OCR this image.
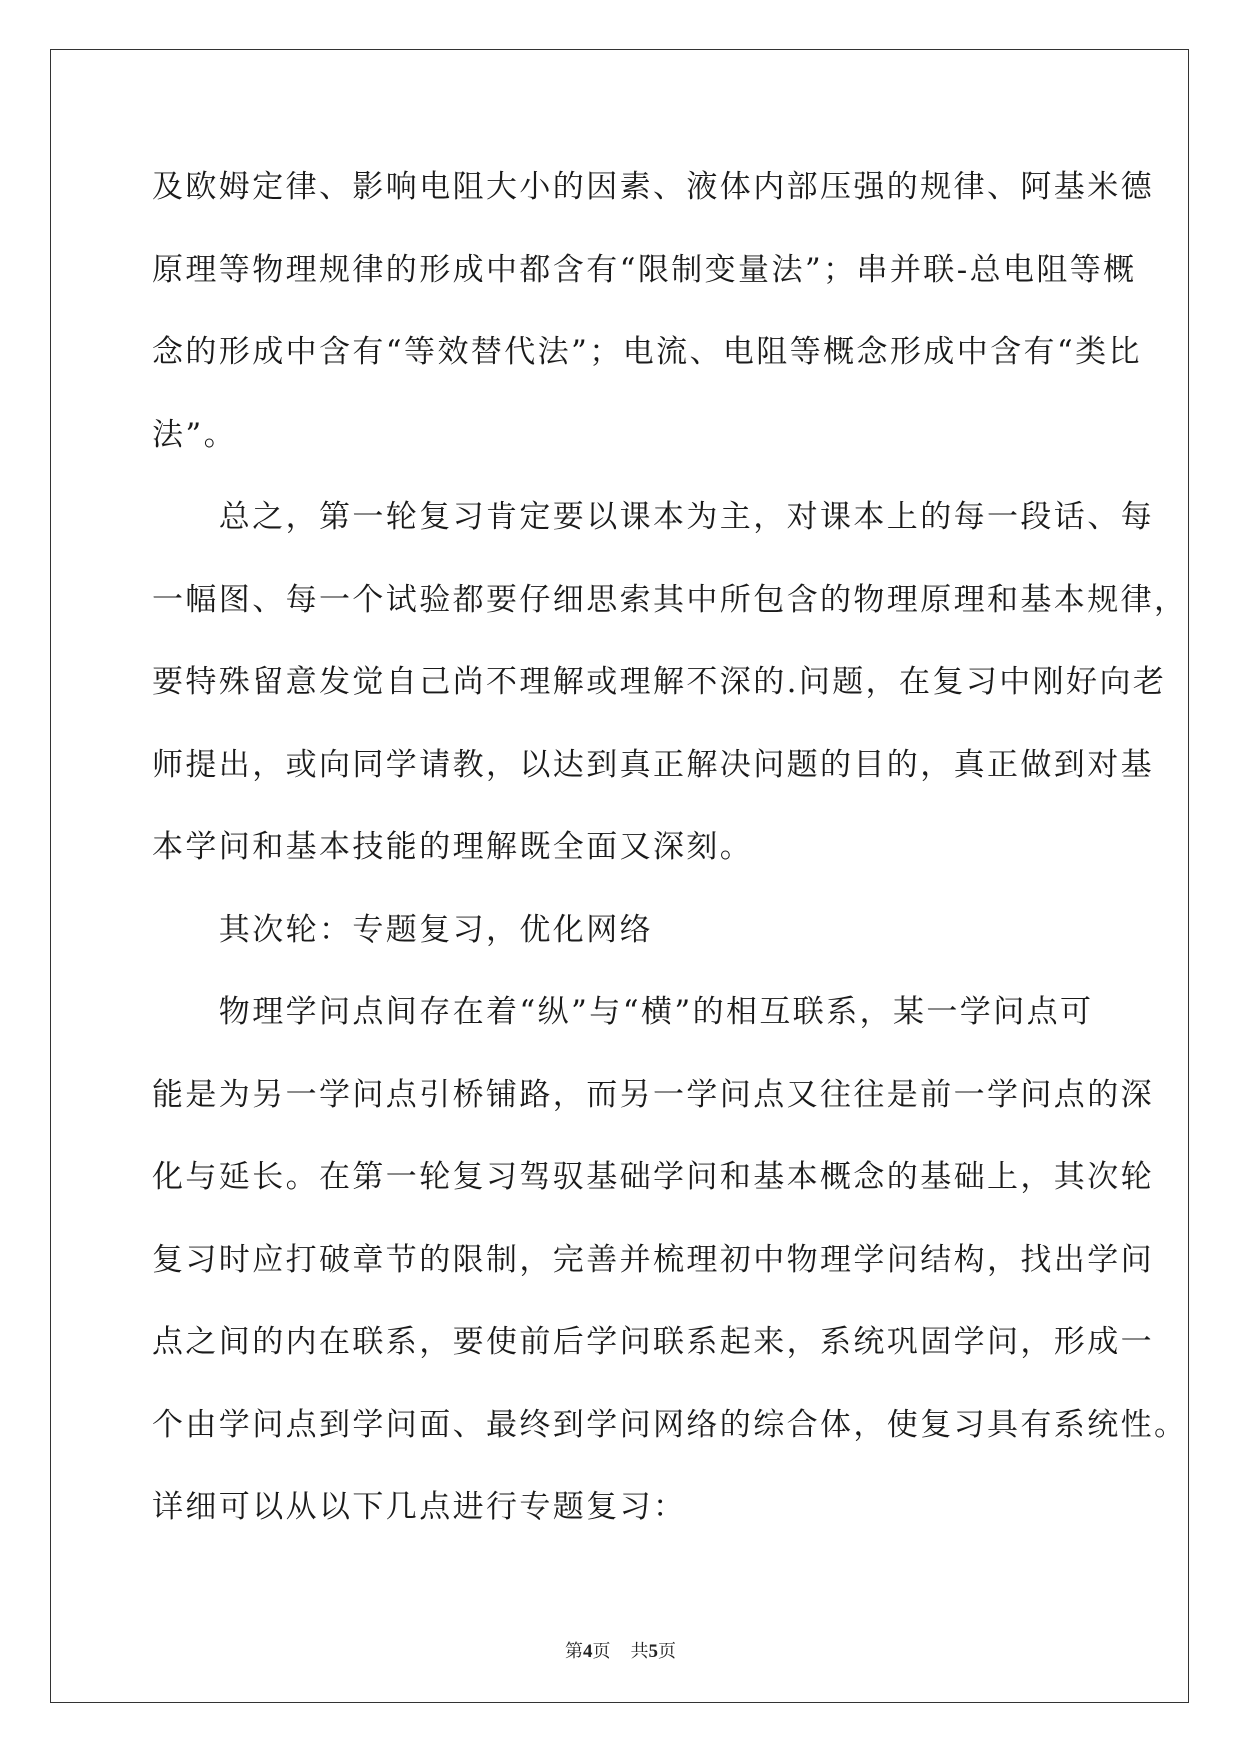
及欧姆定律、影响电阻大小的因素、液体内部压强的规律、阿基米德
原理等物理规律的形成中都含有“限制变量法”；串并联-总电阻等概
念的形成中含有“等效替代法”；电流、电阻等概念形成中含有“类比
法”。
　　总之，第一轮复习肯定要以课本为主，对课本上的每一段话、每
一幅图、每一个试验都要仔细思索其中所包含的物理原理和基本规律，
要特殊留意发觉自己尚不理解或理解不深的.问题，在复习中刚好向老
师提出，或向同学请教，以达到真正解决问题的目的，真正做到对基
本学问和基本技能的理解既全面又深刻。
　　其次轮：专题复习，优化网络
　　物理学问点间存在着“纵”与“横”的相互联系，某一学问点可
能是为另一学问点引桥铺路，而另一学问点又往往是前一学问点的深
化与延长。在第一轮复习驾驭基础学问和基本概念的基础上，其次轮
复习时应打破章节的限制，完善并梳理初中物理学问结构，找出学问
点之间的内在联系，要使前后学问联系起来，系统巩固学问，形成一
个由学问点到学问面、最终到学问网络的综合体，使复习具有系统性。
详细可以从以下几点进行专题复习：
第4页 共5页
